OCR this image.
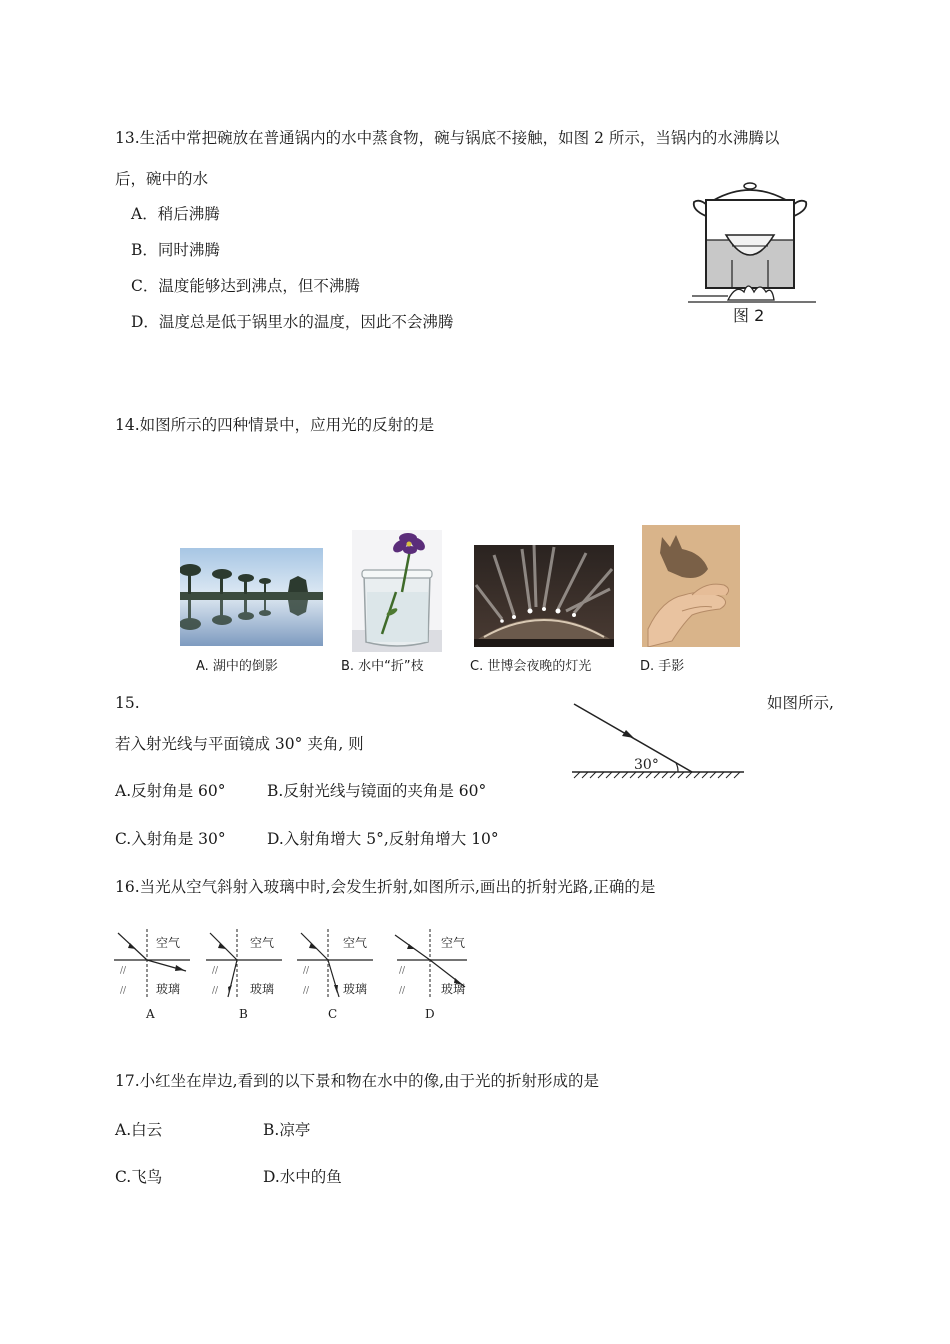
13.生活中常把碗放在普通锅内的水中蒸食物，碗与锅底不接触，如图 2 所示，当锅内的水沸腾以
后，碗中的水
A．稍后沸腾
B．同时沸腾
C．温度能够达到沸点，但不沸腾
D．温度总是低于锅里水的温度，因此不会沸腾	图 2
14.如图所示的四种情景中，应用光的反射的是
A. 湖中的倒影	B. 水中“折”枝	C. 世博会夜晚的灯光	D. 手影
15.	如图所示,
若入射光线与平面镜成 30° 夹角, 则
30°
A.反射角是 60°	B.反射光线与镜面的夹角是 60°
C.入射角是 30°	D.入射角增大 5°,反射角增大 10°
16.当光从空气斜射入玻璃中时,会发生折射,如图所示,画出的折射光路,正确的是
空气
玻璃
//
//
空气
玻璃
//
//
空气
玻璃
//
//
空气
玻璃
//
//
A	B	C	D
17.小红坐在岸边,看到的以下景和物在水中的像,由于光的折射形成的是
A.白云	B.凉亭
C.飞鸟	D.水中的鱼
